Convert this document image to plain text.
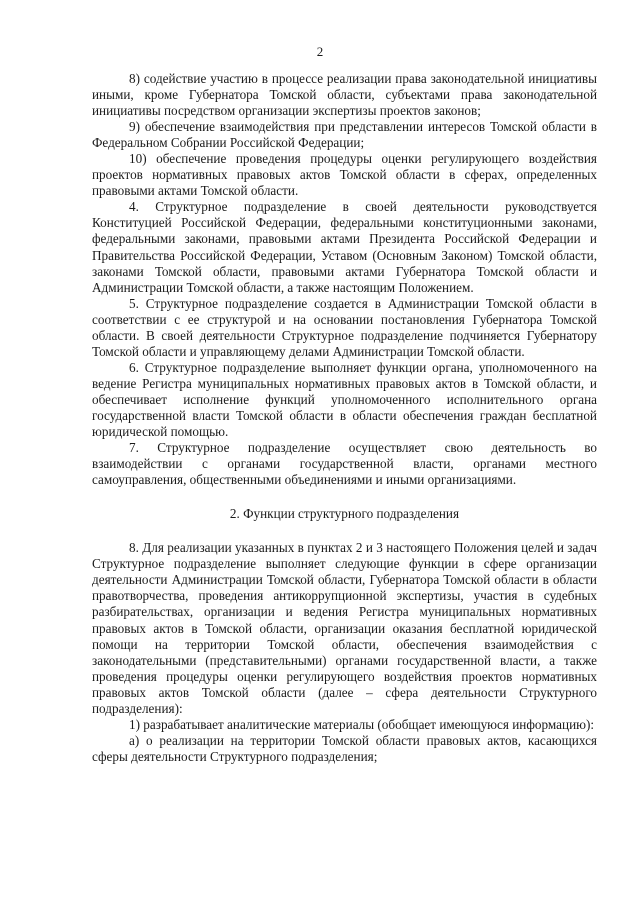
2

8) содействие участию в процессе реализации права законодательной инициативы иными, кроме Губернатора Томской области, субъектами права законодательной инициативы посредством организации экспертизы проектов законов;

9) обеспечение взаимодействия при представлении интересов Томской области в Федеральном Собрании Российской Федерации;

10) обеспечение проведения процедуры оценки регулирующего воздействия проектов нормативных правовых актов Томской области в сферах, определенных правовыми актами Томской области.

4. Структурное подразделение в своей деятельности руководствуется Конституцией Российской Федерации, федеральными конституционными законами, федеральными законами, правовыми актами Президента Российской Федерации и Правительства Российской Федерации, Уставом (Основным Законом) Томской области, законами Томской области, правовыми актами Губернатора Томской области и Администрации Томской области, а также настоящим Положением.

5. Структурное подразделение создается в Администрации Томской области в соответствии с ее структурой и на основании постановления Губернатора Томской области. В своей деятельности Структурное подразделение подчиняется Губернатору Томской области и управляющему делами Администрации Томской области.

6. Структурное подразделение выполняет функции органа, уполномоченного на ведение Регистра муниципальных нормативных правовых актов в Томской области, и обеспечивает исполнение функций уполномоченного исполнительного органа государственной власти Томской области в области обеспечения граждан бесплатной юридической помощью.

7. Структурное подразделение осуществляет свою деятельность во взаимодействии с органами государственной власти, органами местного самоуправления, общественными объединениями и иными организациями.

2. Функции структурного подразделения

8. Для реализации указанных в пунктах 2 и 3 настоящего Положения целей и задач Структурное подразделение выполняет следующие функции в сфере организации деятельности Администрации Томской области, Губернатора Томской области в области правотворчества, проведения антикоррупционной экспертизы, участия в судебных разбирательствах, организации и ведения Регистра муниципальных нормативных правовых актов в Томской области, организации оказания бесплатной юридической помощи на территории Томской области, обеспечения взаимодействия с законодательными (представительными) органами государственной власти, а также проведения процедуры оценки регулирующего воздействия проектов нормативных правовых актов Томской области (далее – сфера деятельности Структурного подразделения):

1) разрабатывает аналитические материалы (обобщает имеющуюся информацию):

а) о реализации на территории Томской области правовых актов, касающихся сферы деятельности Структурного подразделения;
